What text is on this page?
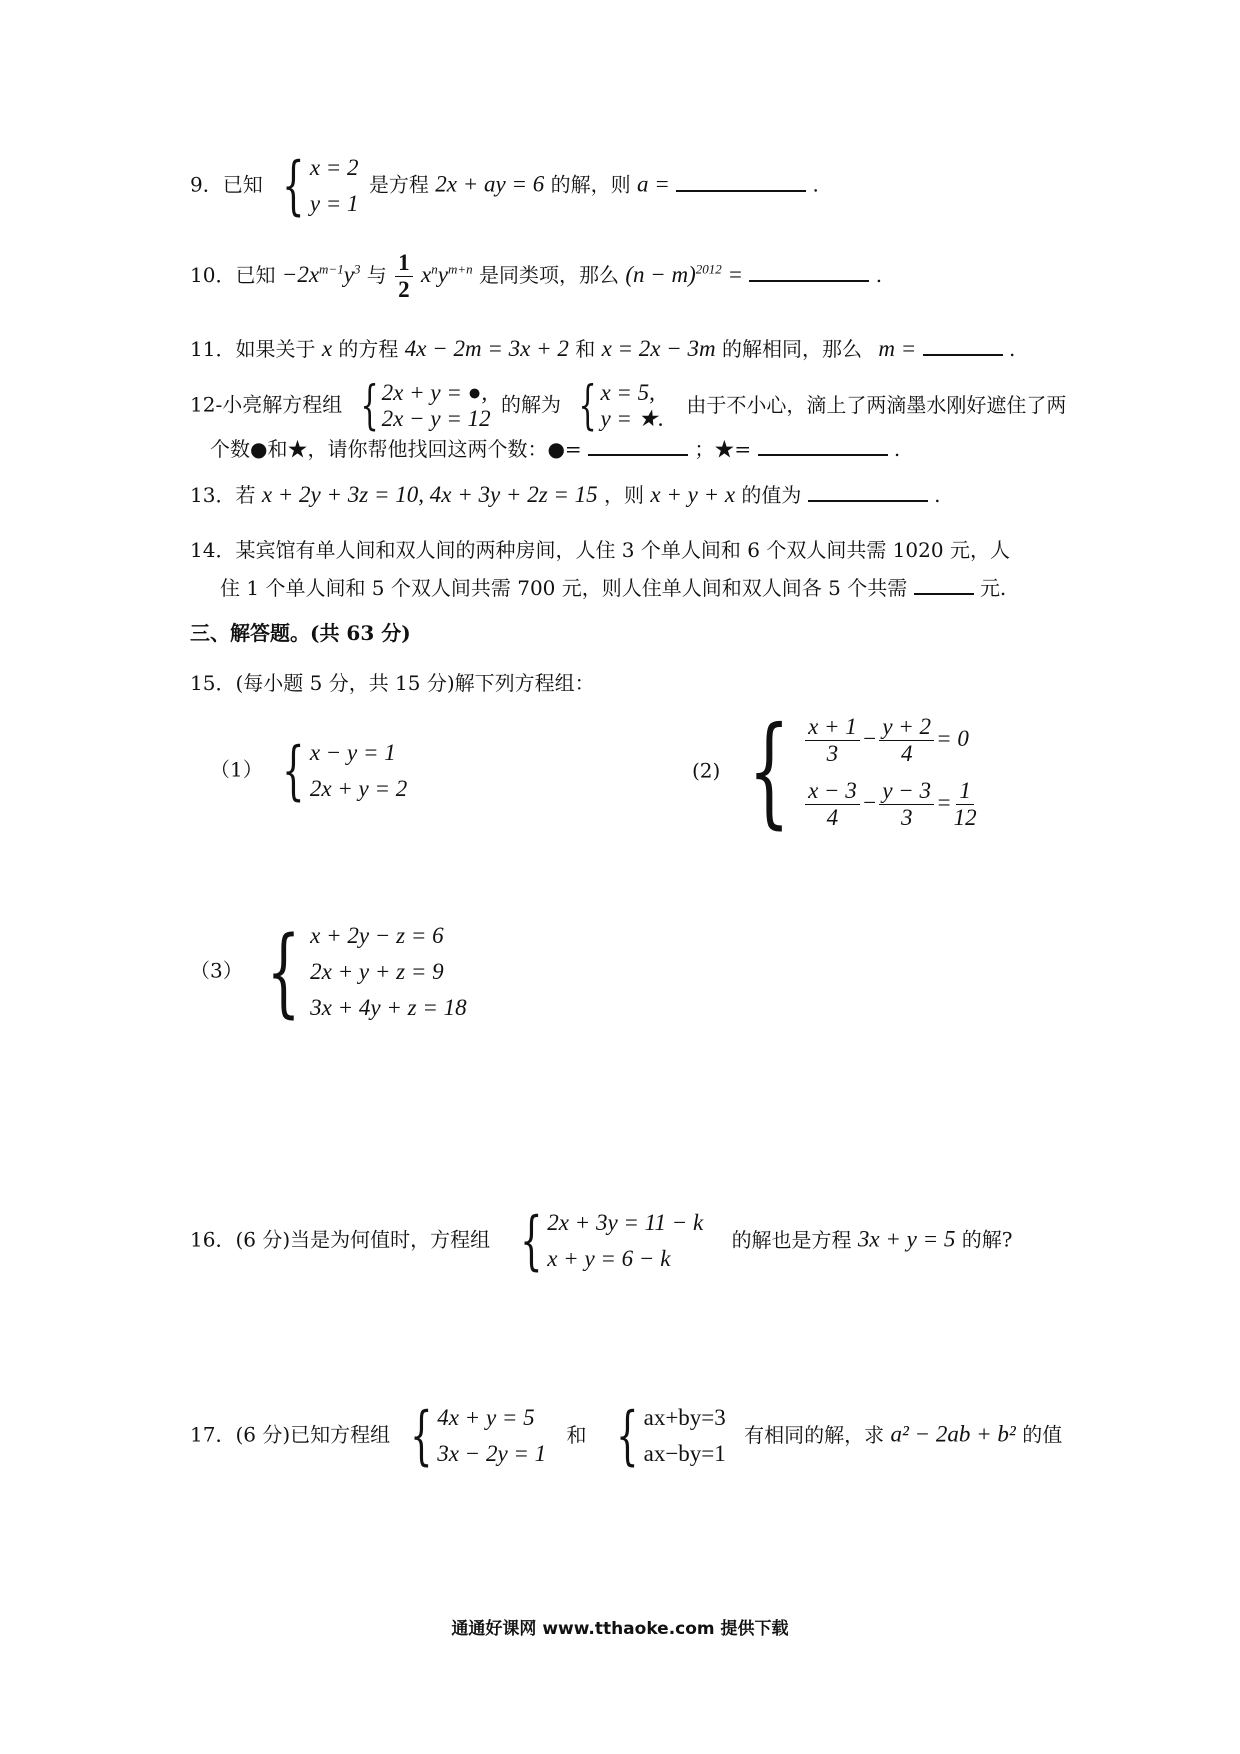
9．已知 { x = 2
y = 1
是方程 2x + ay = 6 的解，则 a =	.
10．已知 $-2x^{m-1}y^3$ 与 $\frac{1}{2} x^ny^{m+n}$ 是同类项，那么 $(n - m)^{2012}$ =	.
11．如果关于 x 的方程 4x − 2m = 3x + 2 和 x = 2x − 3m 的解相同，那么 m =	.
12-小亮解方程组 { 2x + y = ●,
2x − y = 12
的解为 { x = 5,
y = ★.
由于不小心，滴上了两滴墨水刚好遮住了两
个数●和★，请你帮他找回这两个数：●=	；★=	.
13．若 x + 2y + 3z = 10, 4x + 3y + 2z = 15 ，则 x + y + x 的值为	.
14．某宾馆有单人间和双人间的两种房间，人住 3 个单人间和 6 个双人间共需 1020 元，人
住 1 个单人间和 5 个双人间共需 700 元，则人住单人间和双人间各 5 个共需	元.
三、解答题。(共 63 分)
15．(每小题 5 分，共 15 分)解下列方程组：
（1） { x − y = 1
2x + y = 2
(2) { $\frac{x + 1}{3} - \frac{y + 2}{4} = 0$
$\frac{x - 3}{4} - \frac{y - 3}{3} = \frac{1}{12}$
（3） { x + 2y − z = 6
2x + y + z = 9
3x + 4y + z = 18
16．(6 分)当是为何值时，方程组 { 2x + 3y = 11 − k
x + y = 6 − k
的解也是方程 3x + y = 5 的解?
17．(6 分)已知方程组 { 4x + y = 5
3x − 2y = 1
和 { ax+by=3
ax−by=1
有相同的解，求 a² − 2ab + b² 的值
通通好课网 www.tthaoke.com 提供下载
